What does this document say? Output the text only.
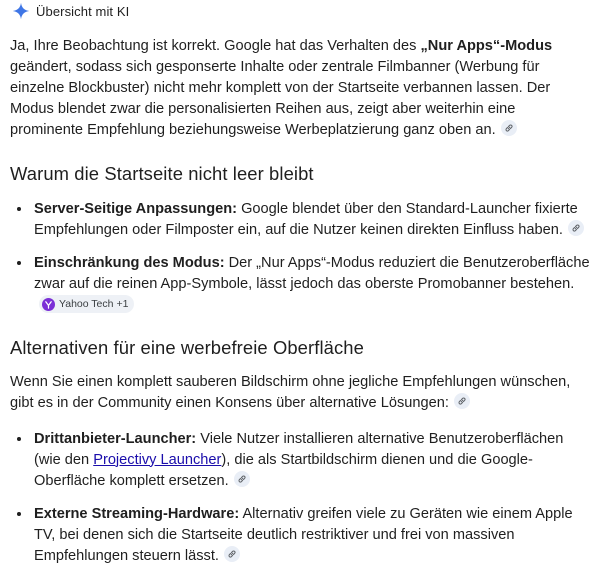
Übersicht mit KI

Ja, Ihre Beobachtung ist korrekt. Google hat das Verhalten des „Nur Apps“-Modus geändert, sodass sich gesponserte Inhalte oder zentrale Filmbanner (Werbung für einzelne Blockbuster) nicht mehr komplett von der Startseite verbannen lassen. Der Modus blendet zwar die personalisierten Reihen aus, zeigt aber weiterhin eine prominente Empfehlung beziehungsweise Werbeplatzierung ganz oben an.

Warum die Startseite nicht leer bleibt
• Server-Seitige Anpassungen: Google blendet über den Standard-Launcher fixierte Empfehlungen oder Filmposter ein, auf die Nutzer keinen direkten Einfluss haben.
• Einschränkung des Modus: Der „Nur Apps“-Modus reduziert die Benutzeroberfläche zwar auf die reinen App-Symbole, lässt jedoch das oberste Promobanner bestehen.
Yahoo Tech +1
Alternativen für eine werbefreie Oberfläche

Wenn Sie einen komplett sauberen Bildschirm ohne jegliche Empfehlungen wünschen, gibt es in der Community einen Konsens über alternative Lösungen:

• Drittanbieter-Launcher: Viele Nutzer installieren alternative Benutzeroberflächen (wie den Projectivy Launcher), die als Startbildschirm dienen und die Google-Oberfläche komplett ersetzen.
• Externe Streaming-Hardware: Alternativ greifen viele zu Geräten wie einem Apple TV, bei denen sich die Startseite deutlich restriktiver und frei von massiven Empfehlungen steuern lässt.
